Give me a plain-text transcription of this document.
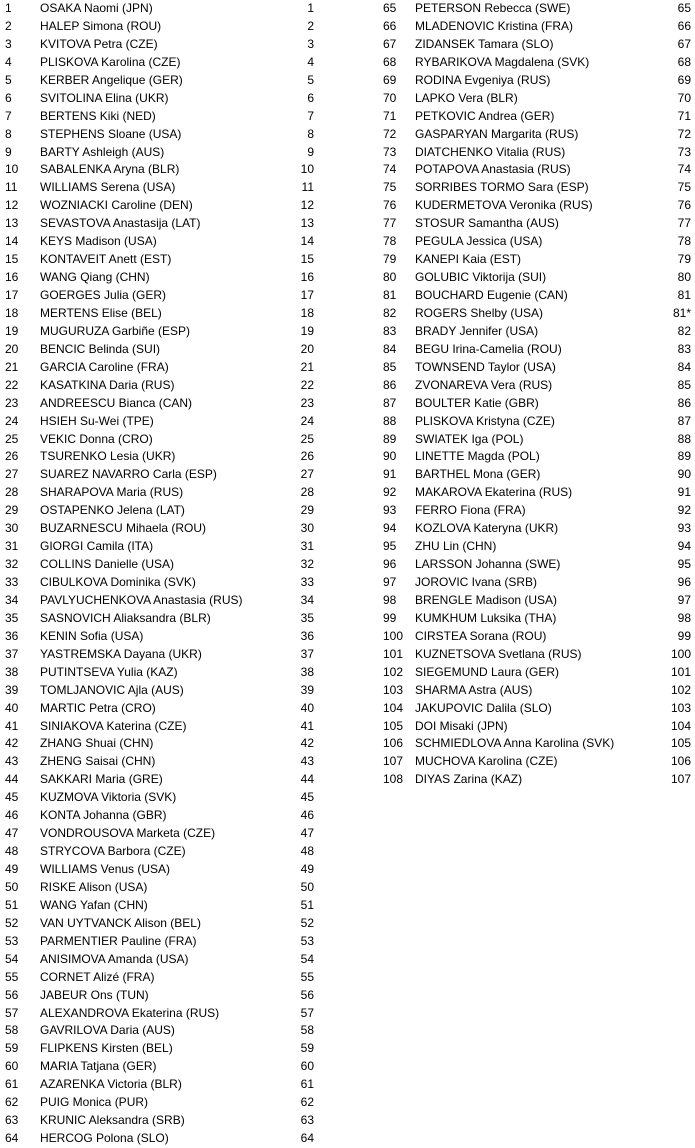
1 OSAKA Naomi (JPN)	1
2 HALEP Simona (ROU)	2
3 KVITOVA Petra (CZE)	3
4 PLISKOVA Karolina (CZE)	4
5 KERBER Angelique (GER)	5
6 SVITOLINA Elina (UKR)	6
7 BERTENS Kiki (NED)	7
8 STEPHENS Sloane (USA)	8
9 BARTY Ashleigh (AUS)	9
10 SABALENKA Aryna (BLR)	10
11 WILLIAMS Serena (USA)	11
12 WOZNIACKI Caroline (DEN)	12
13 SEVASTOVA Anastasija (LAT)	13
14 KEYS Madison (USA)	14
15 KONTAVEIT Anett (EST)	15
16 WANG Qiang (CHN)	16
17 GOERGES Julia (GER)	17
18 MERTENS Elise (BEL)	18
19 MUGURUZA Garbiñe (ESP)	19
20 BENCIC Belinda (SUI)	20
21 GARCIA Caroline (FRA)	21
22 KASATKINA Daria (RUS)	22
23 ANDREESCU Bianca (CAN)	23
24 HSIEH Su-Wei (TPE)	24
25 VEKIC Donna (CRO)	25
26 TSURENKO Lesia (UKR)	26
27 SUAREZ NAVARRO Carla (ESP)	27
28 SHARAPOVA Maria (RUS)	28
29 OSTAPENKO Jelena (LAT)	29
30 BUZARNESCU Mihaela (ROU)	30
31 GIORGI Camila (ITA)	31
32 COLLINS Danielle (USA)	32
33 CIBULKOVA Dominika (SVK)	33
34 PAVLYUCHENKOVA Anastasia (RUS)	34
35 SASNOVICH Aliaksandra (BLR)	35
36 KENIN Sofia (USA)	36
37 YASTREMSKA Dayana (UKR)	37
38 PUTINTSEVA Yulia (KAZ)	38
39 TOMLJANOVIC Ajla (AUS)	39
40 MARTIC Petra (CRO)	40
41 SINIAKOVA Katerina (CZE)	41
42 ZHANG Shuai (CHN)	42
43 ZHENG Saisai (CHN)	43
44 SAKKARI Maria (GRE)	44
45 KUZMOVA Viktoria (SVK)	45
46 KONTA Johanna (GBR)	46
47 VONDROUSOVA Marketa (CZE)	47
48 STRYCOVA Barbora (CZE)	48
49 WILLIAMS Venus (USA)	49
50 RISKE Alison (USA)	50
51 WANG Yafan (CHN)	51
52 VAN UYTVANCK Alison (BEL)	52
53 PARMENTIER Pauline (FRA)	53
54 ANISIMOVA Amanda (USA)	54
55 CORNET Alizé (FRA)	55
56 JABEUR Ons (TUN)	56
57 ALEXANDROVA Ekaterina (RUS)	57
58 GAVRILOVA Daria (AUS)	58
59 FLIPKENS Kirsten (BEL)	59
60 MARIA Tatjana (GER)	60
61 AZARENKA Victoria (BLR)	61
62 PUIG Monica (PUR)	62
63 KRUNIC Aleksandra (SRB)	63
64 HERCOG Polona (SLO)	64
65 PETERSON Rebecca (SWE)	65
66 MLADENOVIC Kristina (FRA)	66
67 ZIDANSEK Tamara (SLO)	67
68 RYBARIKOVA Magdalena (SVK)	68
69 RODINA Evgeniya (RUS)	69
70 LAPKO Vera (BLR)	70
71 PETKOVIC Andrea (GER)	71
72 GASPARYAN Margarita (RUS)	72
73 DIATCHENKO Vitalia (RUS)	73
74 POTAPOVA Anastasia (RUS)	74
75 SORRIBES TORMO Sara (ESP)	75
76 KUDERMETOVA Veronika (RUS)	76
77 STOSUR Samantha (AUS)	77
78 PEGULA Jessica (USA)	78
79 KANEPI Kaia (EST)	79
80 GOLUBIC Viktorija (SUI)	80
81 BOUCHARD Eugenie (CAN)	81
82 ROGERS Shelby (USA)	81*
83 BRADY Jennifer (USA)	82
84 BEGU Irina-Camelia (ROU)	83
85 TOWNSEND Taylor (USA)	84
86 ZVONAREVA Vera (RUS)	85
87 BOULTER Katie (GBR)	86
88 PLISKOVA Kristyna (CZE)	87
89 SWIATEK Iga (POL)	88
90 LINETTE Magda (POL)	89
91 BARTHEL Mona (GER)	90
92 MAKAROVA Ekaterina (RUS)	91
93 FERRO Fiona (FRA)	92
94 KOZLOVA Kateryna (UKR)	93
95 ZHU Lin (CHN)	94
96 LARSSON Johanna (SWE)	95
97 JOROVIC Ivana (SRB)	96
98 BRENGLE Madison (USA)	97
99 KUMKHUM Luksika (THA)	98
100 CIRSTEA Sorana (ROU)	99
101 KUZNETSOVA Svetlana (RUS)	100
102 SIEGEMUND Laura (GER)	101
103 SHARMA Astra (AUS)	102
104 JAKUPOVIC Dalila (SLO)	103
105 DOI Misaki (JPN)	104
106 SCHMIEDLOVA Anna Karolina (SVK)	105
107 MUCHOVA Karolina (CZE)	106
108 DIYAS Zarina (KAZ)	107
